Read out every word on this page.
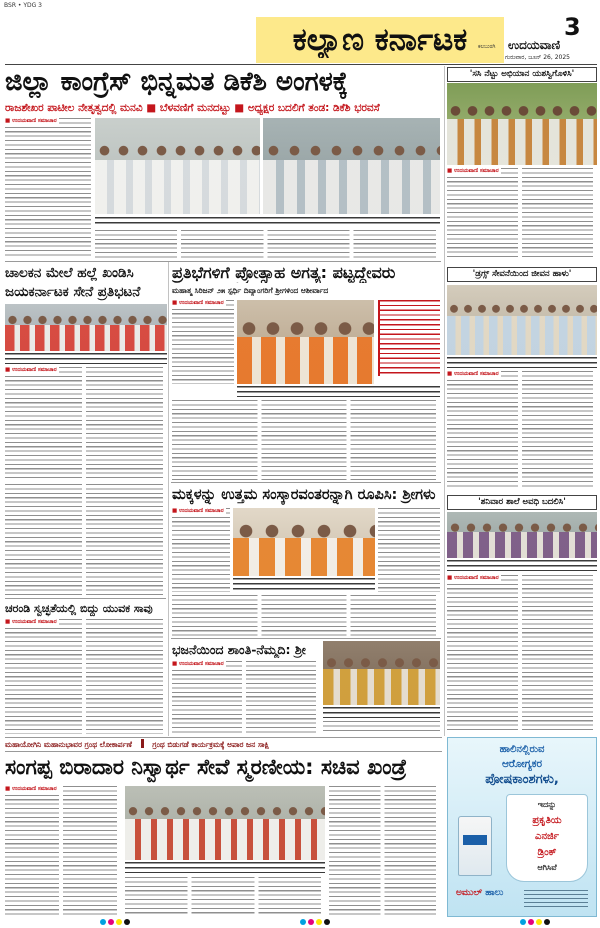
BSR • YDG 3
ಕಲ್ಯಾಣ ಕರ್ನಾಟಕ	3
ಕಲಬುರಗಿ	ಉದಯವಾಣಿ
ಗುರುವಾರ, ಜೂನ್ 26, 2025
ಜಿಲ್ಲಾ ಕಾಂಗ್ರೆಸ್ ಭಿನ್ನಮತ ಡಿಕೆಶಿ ಅಂಗಳಕ್ಕೆ
ರಾಜಶೇಖರ ಪಾಟೀಲ ನೇತೃತ್ವದಲ್ಲಿ ಮನವಿ ■ ಬೆಳವಣಿಗೆ ಮನದಟ್ಟು ■ ಅಧ್ಯಕ್ಷರ ಬದಲಿಗೆ ತಂಡ: ಡಿಕೆಶಿ ಭರವಸೆ
■ ಉದಯವಾಣಿ ಸಮಾಚಾರ
'ಸಸಿ ನೆಟ್ಟು ಅಭಿಯಾನ ಯಶಸ್ವಿಗೊಳಿಸಿ'
■ ಉದಯವಾಣಿ ಸಮಾಚಾರ
'ಡ್ರಗ್ಸ್ ಸೇವನೆಯಿಂದ ಜೀವನ ಹಾಳು'
■ ಉದಯವಾಣಿ ಸಮಾಚಾರ
'ಶನಿವಾರ ಶಾಲೆ ಅವಧಿ ಬದಲಿಸಿ'
■ ಉದಯವಾಣಿ ಸಮಾಚಾರ
ಚಾಲಕನ ಮೇಲೆ ಹಲ್ಲೆ ಖಂಡಿಸಿ
ಜಯಕರ್ನಾಟಕ ಸೇನೆ ಪ್ರತಿಭಟನೆ
■ ಉದಯವಾಣಿ ಸಮಾಚಾರ
ಪ್ರತಿಭೆಗಳಿಗೆ ಪ್ರೋತ್ಸಾಹ ಅಗತ್ಯ: ಪಟ್ಟದ್ದೇವರು
ಮಹಾತ್ಮ ಸಿರಿಜನ್ ೨೫ ಸ್ಪರ್ಧಿ ದಿವ್ಯಾಂಗರಿಗೆ ಶ್ರೀಗಳಿಂದ ಆಶೀರ್ವಾದ
■ ಉದಯವಾಣಿ ಸಮಾಚಾರ
ಮಕ್ಕಳನ್ನು ಉತ್ತಮ ಸಂಸ್ಕಾರವಂತರನ್ನಾಗಿ ರೂಪಿಸಿ: ಶ್ರೀಗಳು
■ ಉದಯವಾಣಿ ಸಮಾಚಾರ
ಚರಂಡಿ ಸ್ವಚ್ಛತೆಯಲ್ಲಿ ಬಿದ್ದು ಯುವಕ ಸಾವು
■ ಉದಯವಾಣಿ ಸಮಾಚಾರ
ಭಜನೆಯಿಂದ ಶಾಂತಿ-ನೆಮ್ಮದಿ: ಶ್ರೀ
■ ಉದಯವಾಣಿ ಸಮಾಚಾರ
ಮಹಾಯೋಗಿನಿ ಮಹಾನುಭಾವರ ಗ್ರಂಥ ಲೋಕಾರ್ಪಣೆ	ಗ್ರಂಥ ಬಿಡುಗಡೆ ಕಾರ್ಯಕ್ರಮಕ್ಕೆ ಅಪಾರ ಜನ ಸಾಕ್ಷಿ
ಸಂಗಪ್ಪ ಬಿರಾದಾರ ನಿಸ್ವಾರ್ಥ ಸೇವೆ ಸ್ಮರಣೀಯ: ಸಚಿವ ಖಂಡ್ರೆ
■ ಉದಯವಾಣಿ ಸಮಾಚಾರ
ಹಾಲಿನಲ್ಲಿರುವ
ಆರೋಗ್ಯಕರ
ಪೋಷಕಾಂಶಗಳು,
ಇದನ್ನು
ಪ್ರಕೃತಿಯ
ಎನರ್ಜಿ
ಡ್ರಿಂಕ್
ಆಗಿಸಿವೆ
ಅಮುಲ್ ಹಾಲು
